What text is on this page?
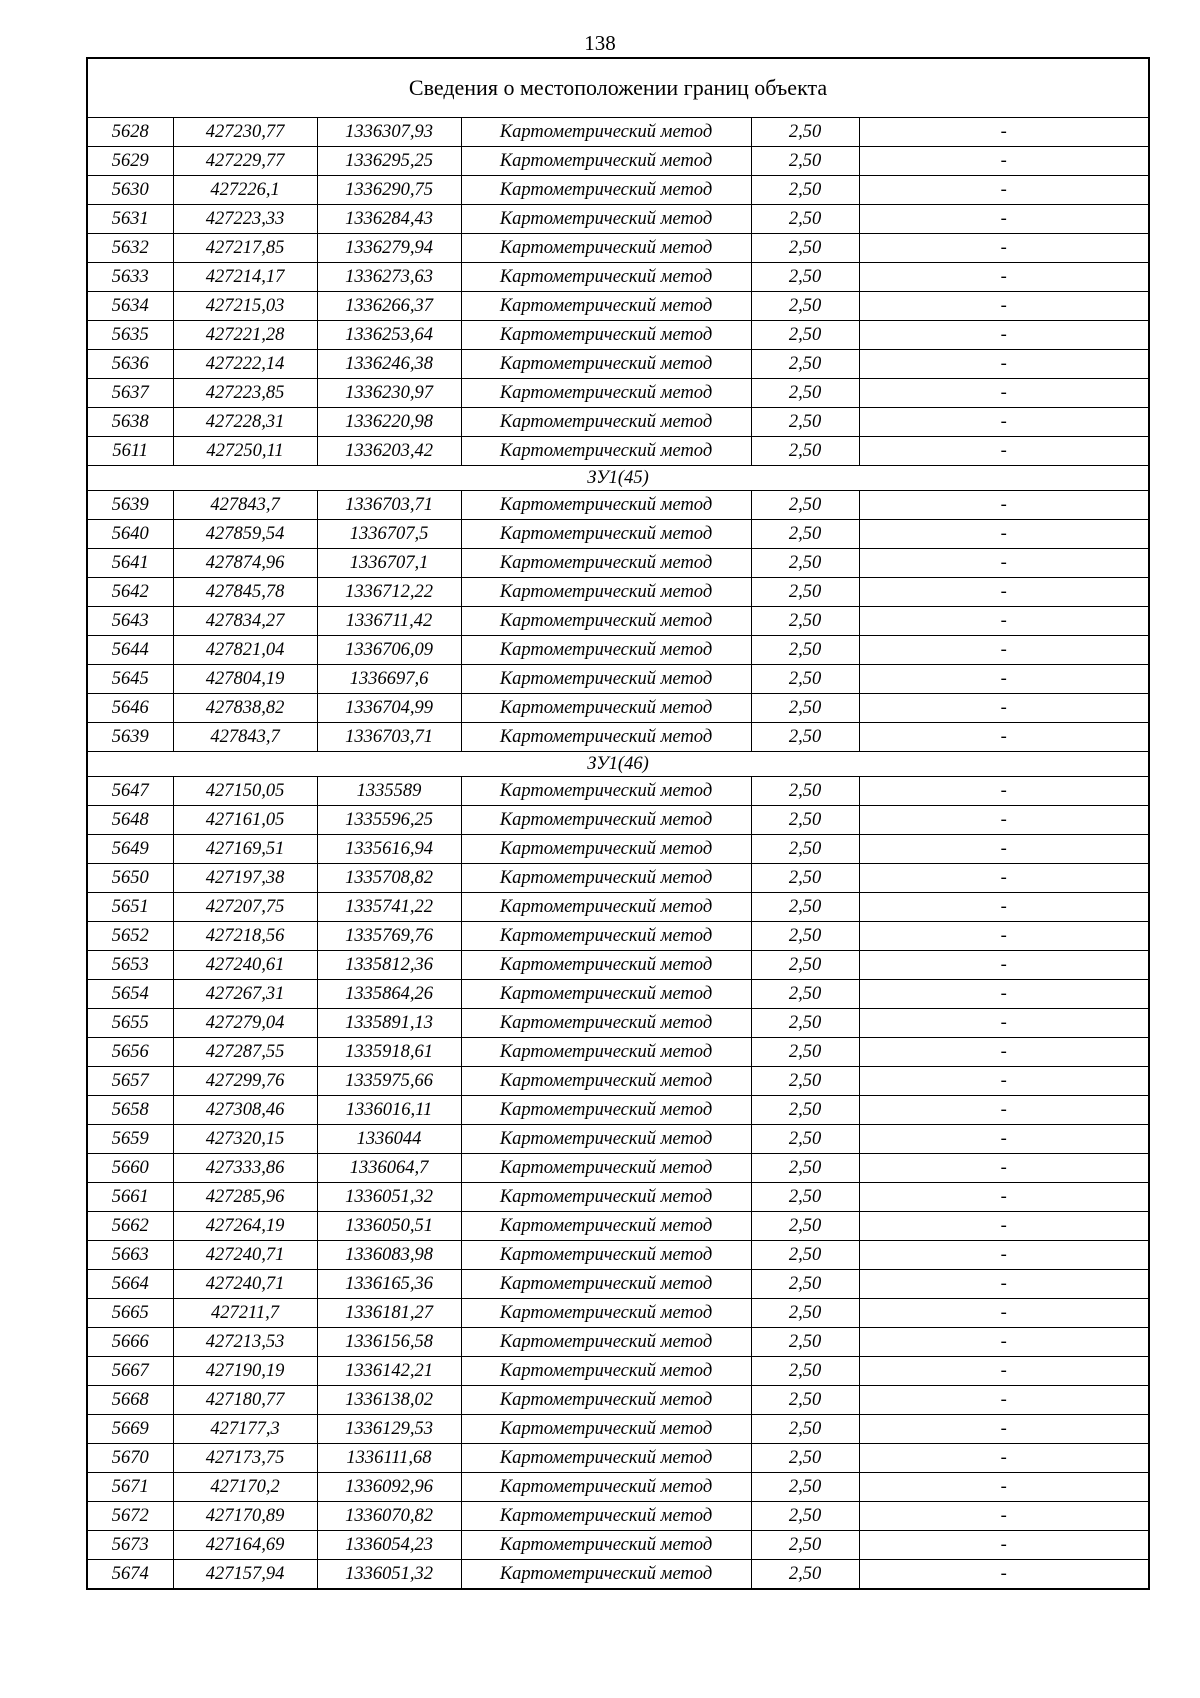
138
Сведения о местоположении границ объекта					
5628	427230,77	1336307,93	Картометрический метод	2,50	-
5629	427229,77	1336295,25	Картометрический метод	2,50	-
5630	427226,1	1336290,75	Картометрический метод	2,50	-
5631	427223,33	1336284,43	Картометрический метод	2,50	-
5632	427217,85	1336279,94	Картометрический метод	2,50	-
5633	427214,17	1336273,63	Картометрический метод	2,50	-
5634	427215,03	1336266,37	Картометрический метод	2,50	-
5635	427221,28	1336253,64	Картометрический метод	2,50	-
5636	427222,14	1336246,38	Картометрический метод	2,50	-
5637	427223,85	1336230,97	Картометрический метод	2,50	-
5638	427228,31	1336220,98	Картометрический метод	2,50	-
5611	427250,11	1336203,42	Картометрический метод	2,50	-
ЗУ1(45)					
5639	427843,7	1336703,71	Картометрический метод	2,50	-
5640	427859,54	1336707,5	Картометрический метод	2,50	-
5641	427874,96	1336707,1	Картометрический метод	2,50	-
5642	427845,78	1336712,22	Картометрический метод	2,50	-
5643	427834,27	1336711,42	Картометрический метод	2,50	-
5644	427821,04	1336706,09	Картометрический метод	2,50	-
5645	427804,19	1336697,6	Картометрический метод	2,50	-
5646	427838,82	1336704,99	Картометрический метод	2,50	-
5639	427843,7	1336703,71	Картометрический метод	2,50	-
ЗУ1(46)					
5647	427150,05	1335589	Картометрический метод	2,50	-
5648	427161,05	1335596,25	Картометрический метод	2,50	-
5649	427169,51	1335616,94	Картометрический метод	2,50	-
5650	427197,38	1335708,82	Картометрический метод	2,50	-
5651	427207,75	1335741,22	Картометрический метод	2,50	-
5652	427218,56	1335769,76	Картометрический метод	2,50	-
5653	427240,61	1335812,36	Картометрический метод	2,50	-
5654	427267,31	1335864,26	Картометрический метод	2,50	-
5655	427279,04	1335891,13	Картометрический метод	2,50	-
5656	427287,55	1335918,61	Картометрический метод	2,50	-
5657	427299,76	1335975,66	Картометрический метод	2,50	-
5658	427308,46	1336016,11	Картометрический метод	2,50	-
5659	427320,15	1336044	Картометрический метод	2,50	-
5660	427333,86	1336064,7	Картометрический метод	2,50	-
5661	427285,96	1336051,32	Картометрический метод	2,50	-
5662	427264,19	1336050,51	Картометрический метод	2,50	-
5663	427240,71	1336083,98	Картометрический метод	2,50	-
5664	427240,71	1336165,36	Картометрический метод	2,50	-
5665	427211,7	1336181,27	Картометрический метод	2,50	-
5666	427213,53	1336156,58	Картометрический метод	2,50	-
5667	427190,19	1336142,21	Картометрический метод	2,50	-
5668	427180,77	1336138,02	Картометрический метод	2,50	-
5669	427177,3	1336129,53	Картометрический метод	2,50	-
5670	427173,75	1336111,68	Картометрический метод	2,50	-
5671	427170,2	1336092,96	Картометрический метод	2,50	-
5672	427170,89	1336070,82	Картометрический метод	2,50	-
5673	427164,69	1336054,23	Картометрический метод	2,50	-
5674	427157,94	1336051,32	Картометрический метод	2,50	-
